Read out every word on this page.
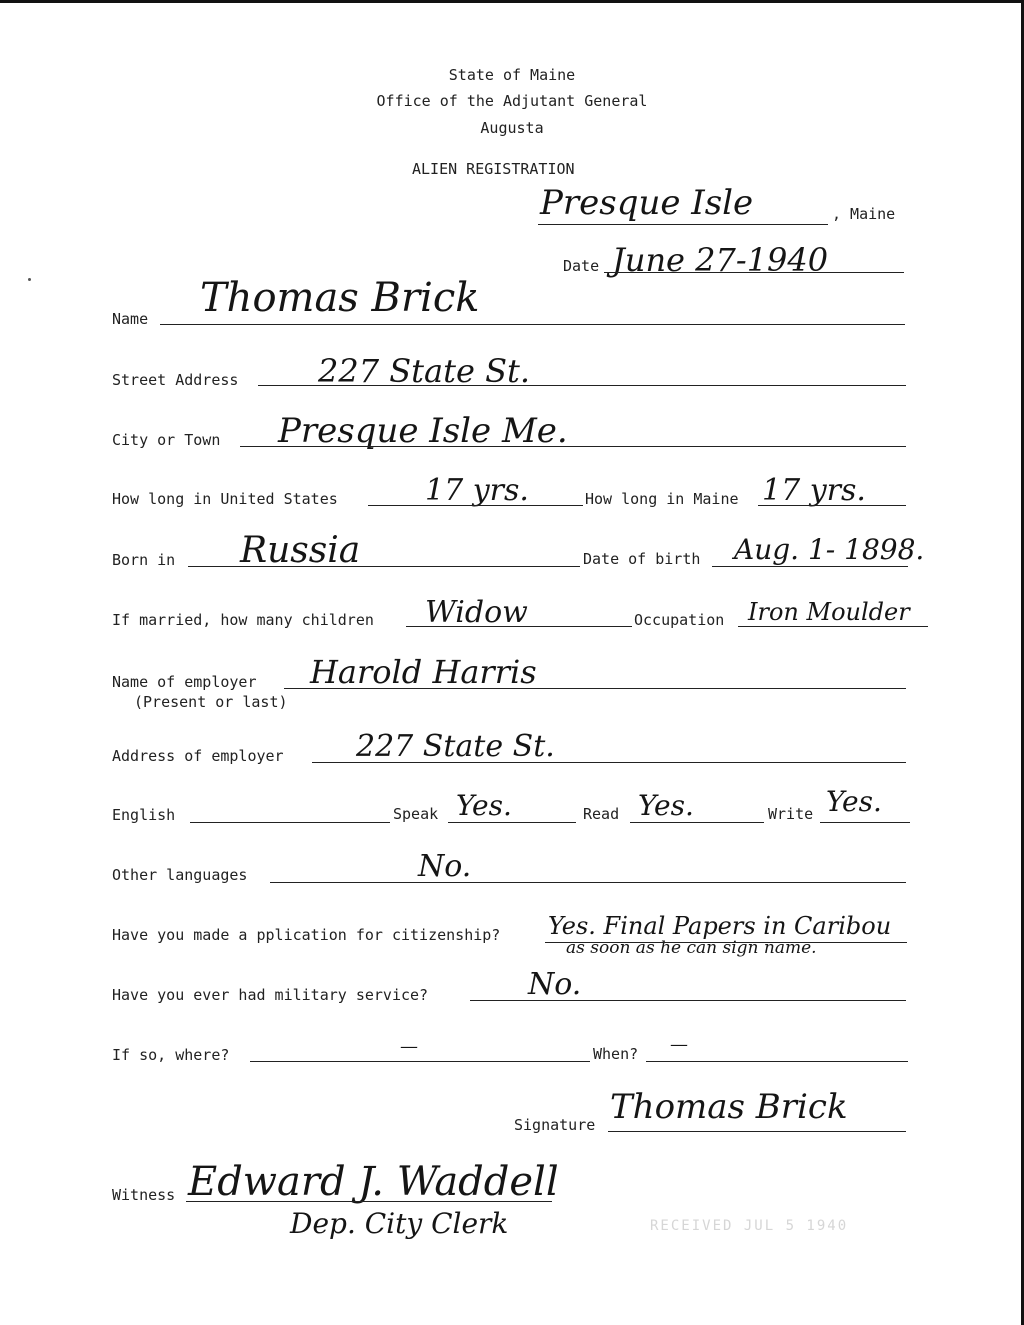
State of Maine
Office of the Adjutant General
Augusta
ALIEN REGISTRATION
Presque Isle	, Maine
Date June 27-1940
Name Thomas Brick
Street Address 227 State St.
City or Town Presque Isle Me.
How long in United States	17 yrs.	How long in Maine 17 yrs.
Born in Russia	Date of birth Aug. 1- 1898.
If married, how many children Widow	Occupation Iron Moulder
Name of employer
(Present or last)
Harold Harris
Address of employer 227 State St.
English	Speak Yes.	Read Yes.	Write Yes.
Other languages	No.
Have you made a pplication for citizenship? Yes. Final Papers in Caribou
as soon as he can sign name.
Have you ever had military service?	No.
If so, where?	—	When? —
Signature Thomas Brick
Witness Edward J. Waddell
Dep. City Clerk	RECEIVED JUL 5 1940
